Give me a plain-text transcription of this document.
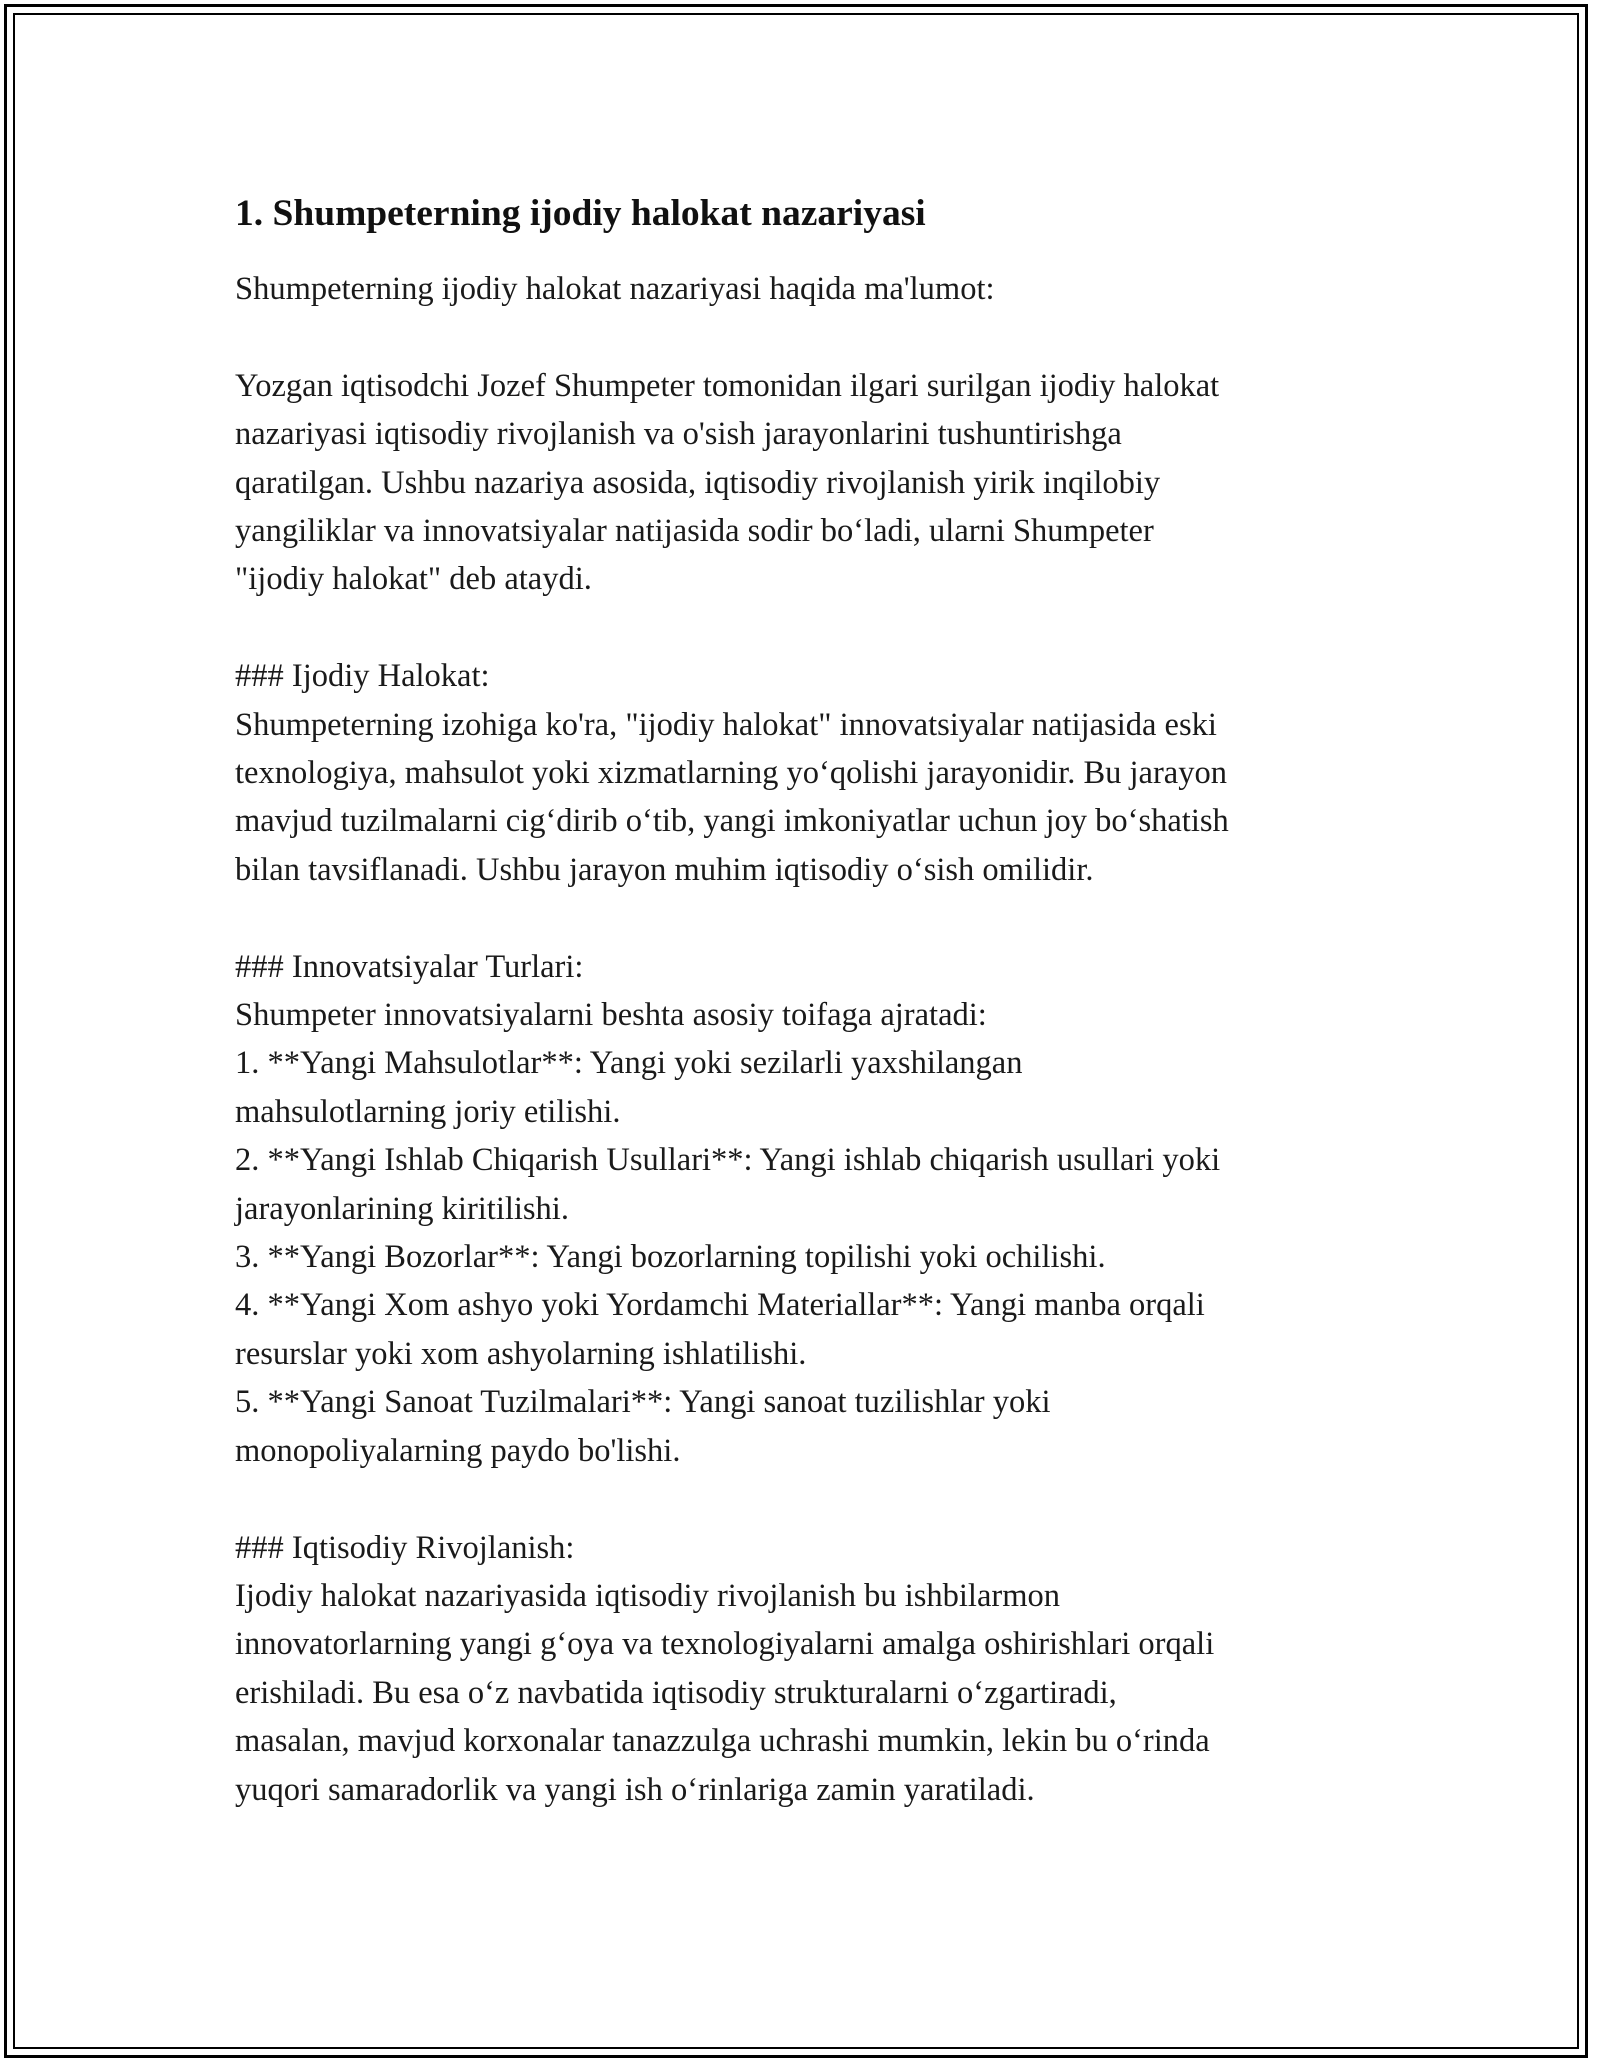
1. Shumpeterning ijodiy halokat nazariyasi

Shumpeterning ijodiy halokat nazariyasi haqida ma'lumot:

Yozgan iqtisodchi Jozef Shumpeter tomonidan ilgari surilgan ijodiy halokat
nazariyasi iqtisodiy rivojlanish va o'sish jarayonlarini tushuntirishga
qaratilgan. Ushbu nazariya asosida, iqtisodiy rivojlanish yirik inqilobiy
yangiliklar va innovatsiyalar natijasida sodir bo‘ladi, ularni Shumpeter
"ijodiy halokat" deb ataydi.

### Ijodiy Halokat:

Shumpeterning izohiga ko'ra, "ijodiy halokat" innovatsiyalar natijasida eski
texnologiya, mahsulot yoki xizmatlarning yo‘qolishi jarayonidir. Bu jarayon
mavjud tuzilmalarni cig‘dirib o‘tib, yangi imkoniyatlar uchun joy bo‘shatish
bilan tavsiflanadi. Ushbu jarayon muhim iqtisodiy o‘sish omilidir.

### Innovatsiyalar Turlari:

Shumpeter innovatsiyalarni beshta asosiy toifaga ajratadi:

1. **Yangi Mahsulotlar**: Yangi yoki sezilarli yaxshilangan
mahsulotlarning joriy etilishi.

2. **Yangi Ishlab Chiqarish Usullari**: Yangi ishlab chiqarish usullari yoki
jarayonlarining kiritilishi.

3. **Yangi Bozorlar**: Yangi bozorlarning topilishi yoki ochilishi.

4. **Yangi Xom ashyo yoki Yordamchi Materiallar**: Yangi manba orqali
resurslar yoki xom ashyolarning ishlatilishi.

5. **Yangi Sanoat Tuzilmalari**: Yangi sanoat tuzilishlar yoki
monopoliyalarning paydo bo'lishi.

### Iqtisodiy Rivojlanish:

Ijodiy halokat nazariyasida iqtisodiy rivojlanish bu ishbilarmon
innovatorlarning yangi g‘oya va texnologiyalarni amalga oshirishlari orqali
erishiladi. Bu esa o‘z navbatida iqtisodiy strukturalarni o‘zgartiradi,
masalan, mavjud korxonalar tanazzulga uchrashi mumkin, lekin bu o‘rinda
yuqori samaradorlik va yangi ish o‘rinlariga zamin yaratiladi.
